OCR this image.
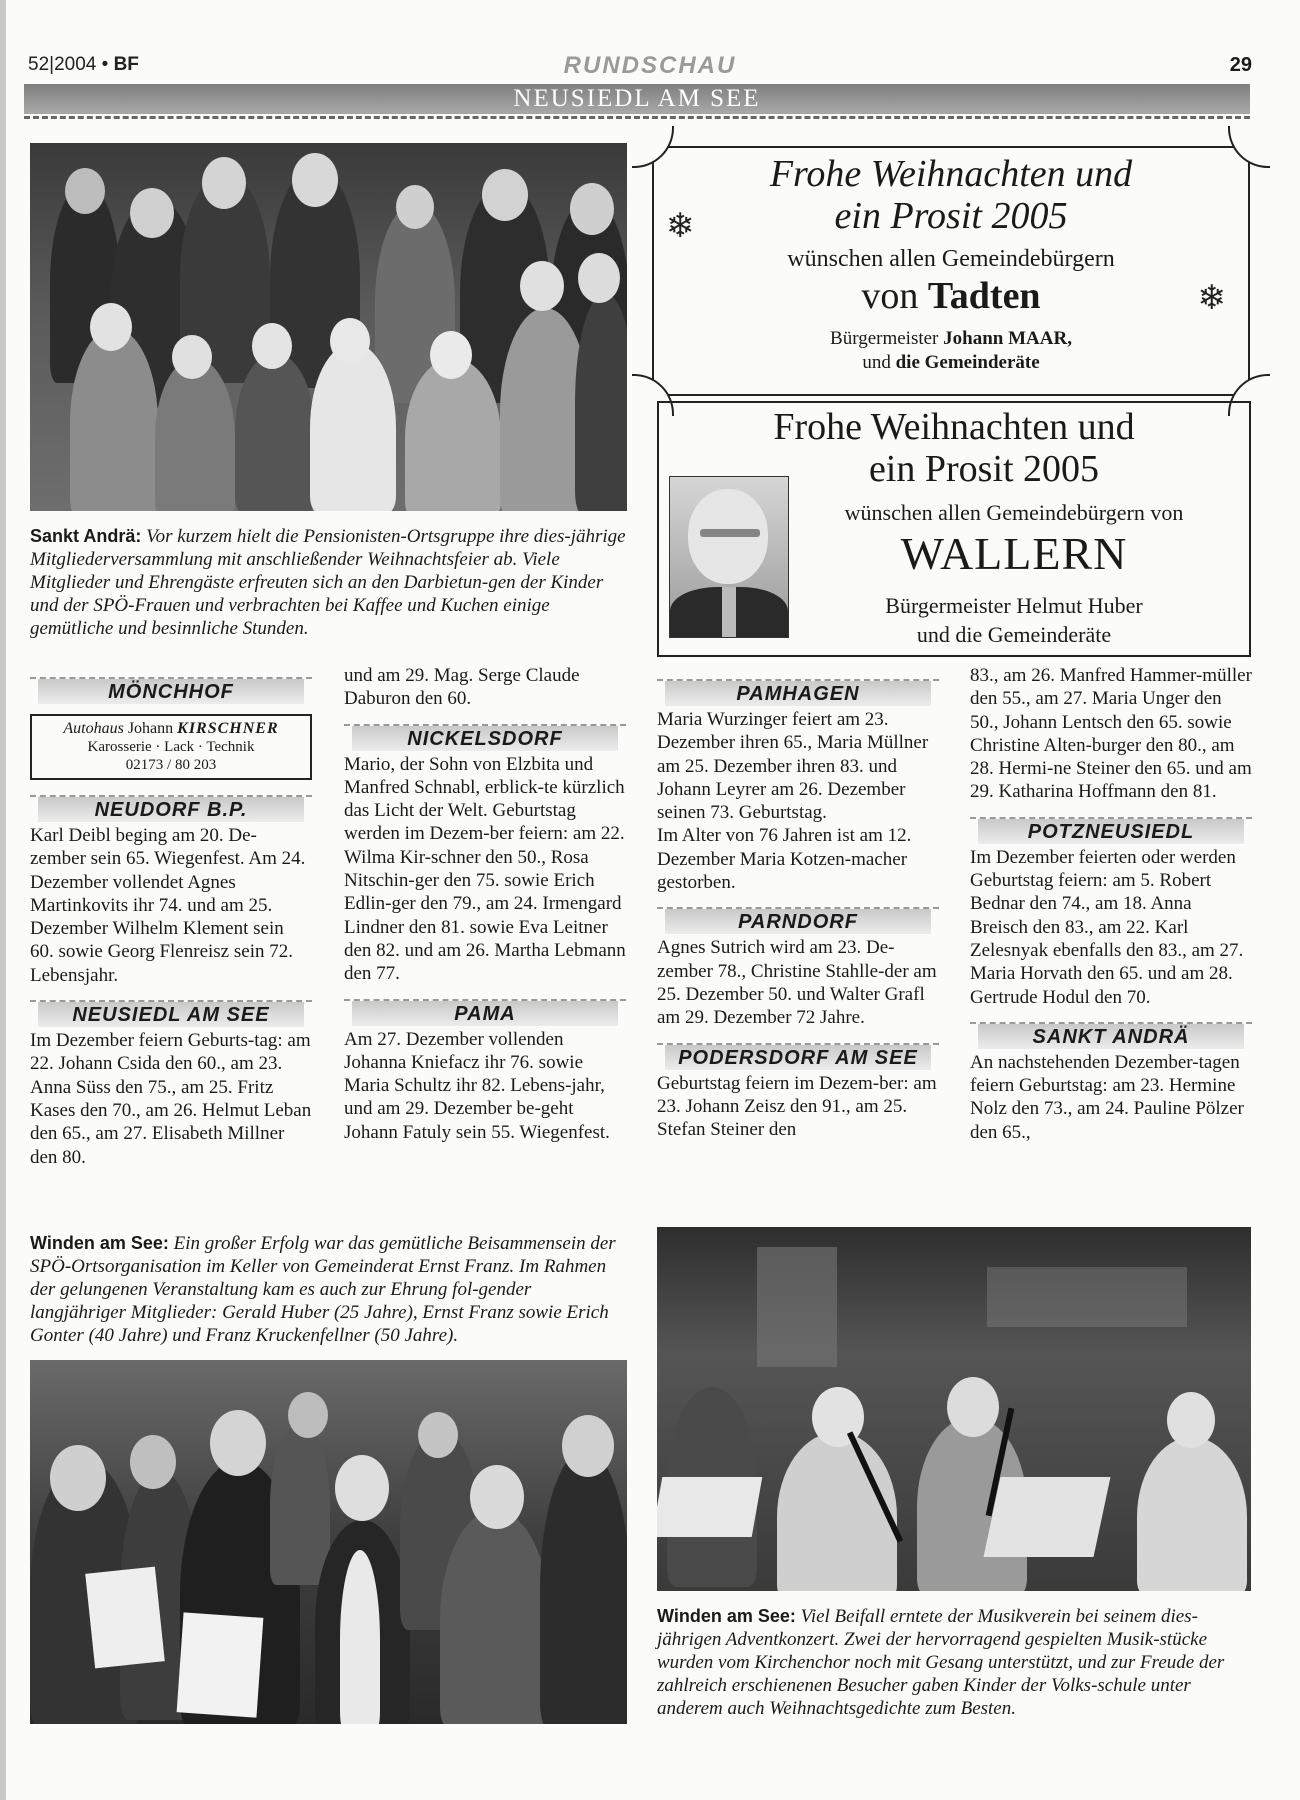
52|2004 • BF	RUNDSCHAU	29
NEUSIEDL AM SEE
Sankt Andrä: Vor kurzem hielt die Pensionisten-Ortsgruppe ihre dies-jährige Mitgliederversammlung mit anschließender Weihnachtsfeier ab. Viele Mitglieder und Ehrengäste erfreuten sich an den Darbietun-gen der Kinder und der SPÖ-Frauen und verbrachten bei Kaffee und Kuchen einige gemütliche und besinnliche Stunden.
Frohe Weihnachten und
ein Prosit 2005
wünschen allen Gemeindebürgern
von Tadten
Bürgermeister Johann MAAR,
und die Gemeinderäte
❄
❄
Frohe Weihnachten und
ein Prosit 2005
wünschen allen Gemeindebürgern von
WALLERN
Bürgermeister Helmut Huber
und die Gemeinderäte
MÖNCHHOF
Autohaus Johann KIRSCHNER
Karosserie · Lack · Technik
02173 / 80 203
NEUDORF B.P.

Karl Deibl beging am 20. De-zember sein 65. Wiegenfest. Am 24. Dezember vollendet Agnes Martinkovits ihr 74. und am 25. Dezember Wilhelm Klement sein 60. sowie Georg Flenreisz sein 72. Lebensjahr.

NEUSIEDL AM SEE

Im Dezember feiern Geburts-tag: am 22. Johann Csida den 60., am 23. Anna Süss den 75., am 25. Fritz Kases den 70., am 26. Helmut Leban den 65., am 27. Elisabeth Millner den 80.

und am 29. Mag. Serge Claude Daburon den 60.

NICKELSDORF

Mario, der Sohn von Elzbita und Manfred Schnabl, erblick-te kürzlich das Licht der Welt. Geburtstag werden im Dezem-ber feiern: am 22. Wilma Kir-schner den 50., Rosa Nitschin-ger den 75. sowie Erich Edlin-ger den 79., am 24. Irmengard Lindner den 81. sowie Eva Leitner den 82. und am 26. Martha Lebmann den 77.

PAMA

Am 27. Dezember vollenden Johanna Kniefacz ihr 76. sowie Maria Schultz ihr 82. Lebens-jahr, und am 29. Dezember be-geht Johann Fatuly sein 55. Wiegenfest.

PAMHAGEN

Maria Wurzinger feiert am 23. Dezember ihren 65., Maria Müllner am 25. Dezember ihren 83. und Johann Leyrer am 26. Dezember seinen 73. Geburtstag.

Im Alter von 76 Jahren ist am 12. Dezember Maria Kotzen-macher gestorben.

PARNDORF

Agnes Sutrich wird am 23. De-zember 78., Christine Stahlle-der am 25. Dezember 50. und Walter Grafl am 29. Dezember 72 Jahre.

PODERSDORF AM SEE

Geburtstag feiern im Dezem-ber: am 23. Johann Zeisz den 91., am 25. Stefan Steiner den

83., am 26. Manfred Hammer-müller den 55., am 27. Maria Unger den 50., Johann Lentsch den 65. sowie Christine Alten-burger den 80., am 28. Hermi-ne Steiner den 65. und am 29. Katharina Hoffmann den 81.

POTZNEUSIEDL

Im Dezember feierten oder werden Geburtstag feiern: am 5. Robert Bednar den 74., am 18. Anna Breisch den 83., am 22. Karl Zelesnyak ebenfalls den 83., am 27. Maria Horvath den 65. und am 28. Gertrude Hodul den 70.

SANKT ANDRÄ

An nachstehenden Dezember-tagen feiern Geburtstag: am 23. Hermine Nolz den 73., am 24. Pauline Pölzer den 65.,

Winden am See: Ein großer Erfolg war das gemütliche Beisammensein der SPÖ-Ortsorganisation im Keller von Gemeinderat Ernst Franz. Im Rahmen der gelungenen Veranstaltung kam es auch zur Ehrung fol-gender langjähriger Mitglieder: Gerald Huber (25 Jahre), Ernst Franz sowie Erich Gonter (40 Jahre) und Franz Kruckenfellner (50 Jahre).
Winden am See: Viel Beifall erntete der Musikverein bei seinem dies-jährigen Adventkonzert. Zwei der hervorragend gespielten Musik-stücke wurden vom Kirchenchor noch mit Gesang unterstützt, und zur Freude der zahlreich erschienenen Besucher gaben Kinder der Volks-schule unter anderem auch Weihnachtsgedichte zum Besten.
